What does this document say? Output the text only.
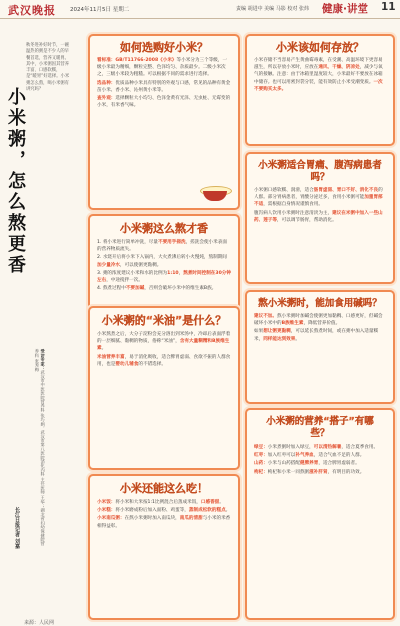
武汉晚报	2024年11月5日 星期二	责编 胡进中 美编 马影 校对 张炜 健康·讲堂 11
秋冬进补好时节，一碗温热的粥是不少人的早餐首选，营养又暖胃。其中，小米粥因其营养丰富、口感软糯，是“暖胃”好选择。小米粥怎么熬，喝小米粥有讲究吗？
小米粥，怎么熬更香
受访专家：武汉市中医医院营养科 张巧娟，武汉市第八医院消化内科 主任医师 王华；湖北省妇幼保健院营养科 张秀梅
长江日报记者 刘嘉
来源：人民网
如何选购好小米？

看标准：GB/T11766-2008《小米》等小米分为三个等级，一级小米最为精细，颗粒完整、色泽均匀、杂质最少。二级小米次之，三级小米较为粗糙。可以根据不同的需求进行选择。

选品种：优质品种小米具有特别的外观与口感，常见的品种有黄金苗小米、香小米、沁州黄小米等。

查外观：选择颗粒大小均匀、色泽金黄有光泽、无虫蛀、无霉变的小米，有米香气味。

小米该如何存放？
小米存储不当容易产生黄曲霉毒素，在受潮、高温环境下更容易滋生，所以存放小米时，应放在通风、干燥、阴凉处，减少与氧气的接触。注意：由于冰箱里湿度较大，小米最好不要放在冰箱中储存。也可以用密封袋分装，能有效防止小米受潮变质。一次不要购买太多。
小米粥这么熬才香

1. 将小米进行简单冲洗，尽量不要用手搓洗，搓洗会使小米表面的营养物质流失。

2. 水烧开后将小米下入锅内，大火煮沸后转小火慢炖，熬制期间加少量冷水，可以使粥更黏稠。

3. 粥的浓度建议小米和水的比例为1:10，熬煮时间控制在30分钟左右，中途搅拌一次。

4. 熬煮过程中不要加碱，否则会破坏小米中的维生素B族。

小米粥适合胃痛、腹泻病患者吗？

小米粥口感软糯、润滑，适合肠胃虚弱、胃口不好、消化不良的人群。部分胃病患者，胃酸分泌过多，食用小米粥可能加重胃部不适，需根据自身情况谨慎食用。

腹泻病人饮用小米粥时注意清淡为主，建议在米粥中加入一些山药、莲子等，可以调节肠胃，帮助消化。

小米粥的“米油”是什么？

小米熬煮之后，大分子淀粉会充分溶出到米汤中，冷却后表面浮着的一层细腻、黏稠的物质，俗称“米油”，含有大量糊精和B族维生素。

米油营养丰富，易于消化吸收，适合脾胃虚弱、食欲不振的人群食用，也是婴幼儿辅食的不错选择。

熬小米粥时，能加食用碱吗？

建议不加。熬小米粥时加碱会使粥更加黏稠、口感更好，但碱会破坏小米中的B族维生素，降低营养价值。

如果想让粥更黏稠，可以延长熬煮时间，或在粥中加入适量糯米，同样能达到效果。

小米还能这么吃！

小米饭：将小米和大米按1:1比例混合后蒸成米饭，口感香甜。

小米糕：将小米磨成粉后加入面粉、鸡蛋等，蒸制成松软的糕点。

小米南瓜粥：在熬小米粥时加入南瓜块，南瓜的清甜与小米的米香相得益彰。

小米粥的营养“搭子”有哪些？

绿豆：小米煮粥时加入绿豆，可以清热解暑，适合夏季食用。

红枣：加入红枣可以补气养血，适合气血不足的人群。

山药：小米与山药搭配健脾养胃，适合脾胃虚弱者。

枸杞：枸杞和小米一同熬粥滋补肝肾，有明目的功效。
